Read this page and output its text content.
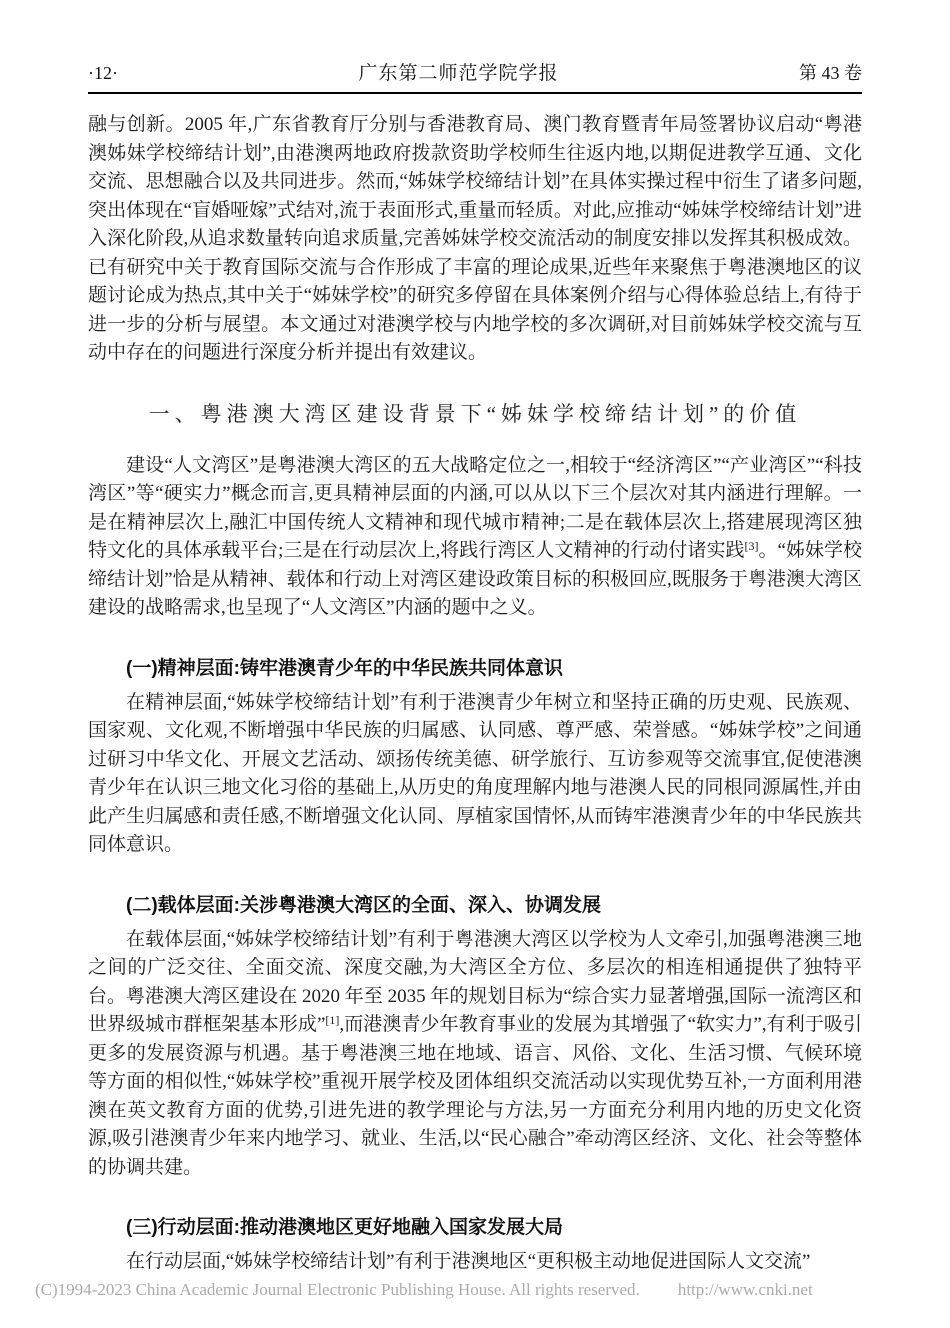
·12·	广东第二师范学院学报	第 43 卷

融与创新。2005 年,广东省教育厅分别与香港教育局、澳门教育暨青年局签署协议启动“粤港澳姊妹学校缔结计划”,由港澳两地政府拨款资助学校师生往返内地,以期促进教学互通、文化交流、思想融合以及共同进步。然而,“姊妹学校缔结计划”在具体实操过程中衍生了诸多问题,突出体现在“盲婚哑嫁”式结对,流于表面形式,重量而轻质。对此,应推动“姊妹学校缔结计划”进入深化阶段,从追求数量转向追求质量,完善姊妹学校交流活动的制度安排以发挥其积极成效。已有研究中关于教育国际交流与合作形成了丰富的理论成果,近些年来聚焦于粤港澳地区的议题讨论成为热点,其中关于“姊妹学校”的研究多停留在具体案例介绍与心得体验总结上,有待于进一步的分析与展望。本文通过对港澳学校与内地学校的多次调研,对目前姊妹学校交流与互动中存在的问题进行深度分析并提出有效建议。

一、粤港澳大湾区建设背景下“姊妹学校缔结计划”的价值

建设“人文湾区”是粤港澳大湾区的五大战略定位之一,相较于“经济湾区”“产业湾区”“科技湾区”等“硬实力”概念而言,更具精神层面的内涵,可以从以下三个层次对其内涵进行理解。一是在精神层次上,融汇中国传统人文精神和现代城市精神;二是在载体层次上,搭建展现湾区独特文化的具体承载平台;三是在行动层次上,将践行湾区人文精神的行动付诸实践[3]。“姊妹学校缔结计划”恰是从精神、载体和行动上对湾区建设政策目标的积极回应,既服务于粤港澳大湾区建设的战略需求,也呈现了“人文湾区”内涵的题中之义。

(一)精神层面:铸牢港澳青少年的中华民族共同体意识

在精神层面,“姊妹学校缔结计划”有利于港澳青少年树立和坚持正确的历史观、民族观、国家观、文化观,不断增强中华民族的归属感、认同感、尊严感、荣誉感。“姊妹学校”之间通过研习中华文化、开展文艺活动、颂扬传统美德、研学旅行、互访参观等交流事宜,促使港澳青少年在认识三地文化习俗的基础上,从历史的角度理解内地与港澳人民的同根同源属性,并由此产生归属感和责任感,不断增强文化认同、厚植家国情怀,从而铸牢港澳青少年的中华民族共同体意识。

(二)载体层面:关涉粤港澳大湾区的全面、深入、协调发展

在载体层面,“姊妹学校缔结计划”有利于粤港澳大湾区以学校为人文牵引,加强粤港澳三地之间的广泛交往、全面交流、深度交融,为大湾区全方位、多层次的相连相通提供了独特平台。粤港澳大湾区建设在 2020 年至 2035 年的规划目标为“综合实力显著增强,国际一流湾区和世界级城市群框架基本形成”[1],而港澳青少年教育事业的发展为其增强了“软实力”,有利于吸引更多的发展资源与机遇。基于粤港澳三地在地域、语言、风俗、文化、生活习惯、气候环境等方面的相似性,“姊妹学校”重视开展学校及团体组织交流活动以实现优势互补,一方面利用港澳在英文教育方面的优势,引进先进的教学理论与方法,另一方面充分利用内地的历史文化资源,吸引港澳青少年来内地学习、就业、生活,以“民心融合”牵动湾区经济、文化、社会等整体的协调共建。

(三)行动层面:推动港澳地区更好地融入国家发展大局

在行动层面,“姊妹学校缔结计划”有利于港澳地区“更积极主动地促进国际人文交流”

(C)1994-2023 China Academic Journal Electronic Publishing House. All rights reserved. http://www.cnki.net
